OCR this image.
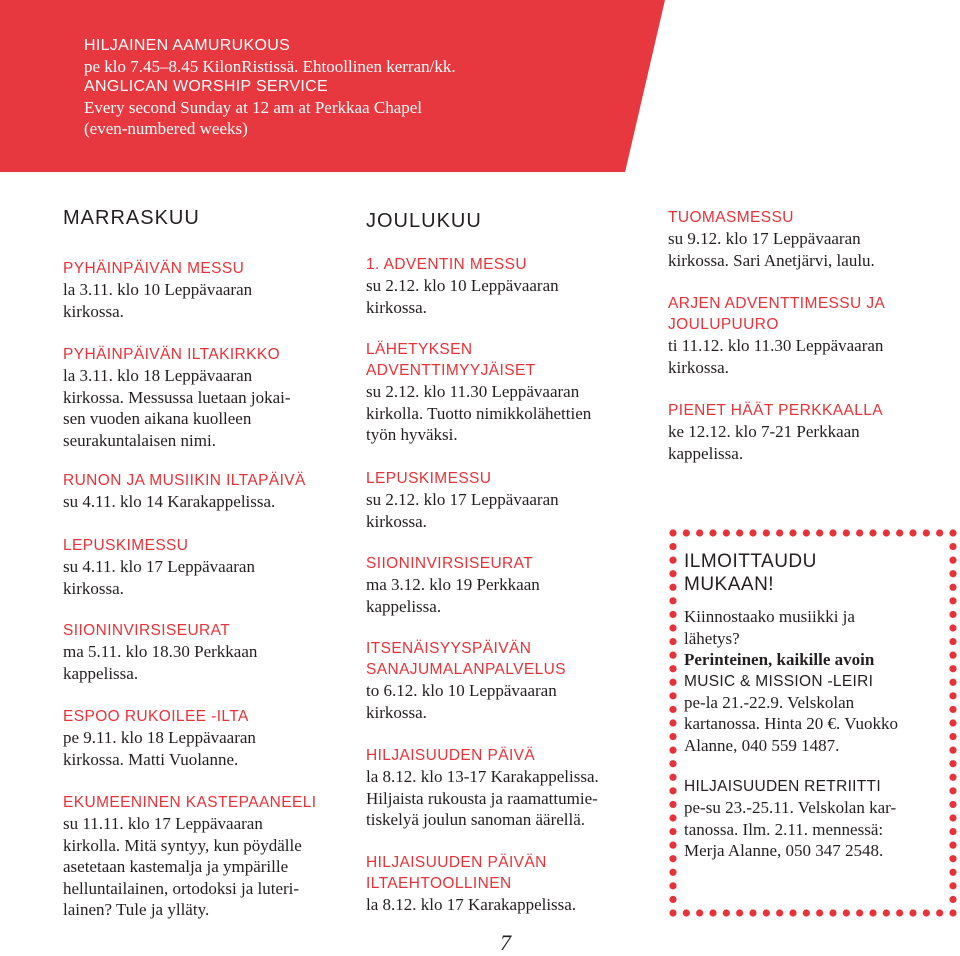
HILJAINEN AAMURUKOUS
pe klo 7.45–8.45 KilonRistissä. Ehtoollinen kerran/kk.
ANGLICAN WORSHIP SERVICE
Every second Sunday at 12 am at Perkkaa Chapel
(even-numbered weeks)
MARRASKUU
PYHÄINPÄIVÄN MESSU
la 3.11. klo 10 Leppävaaran
kirkossa.
PYHÄINPÄIVÄN ILTAKIRKKO
la 3.11. klo 18 Leppävaaran
kirkossa. Messussa luetaan jokai-
sen vuoden aikana kuolleen
seurakuntalaisen nimi.
RUNON JA MUSIIKIN ILTAPÄIVÄ
su 4.11. klo 14 Karakappelissa.
LEPUSKIMESSU
su 4.11. klo 17 Leppävaaran
kirkossa.
SIIONINVIRSISEURAT
ma 5.11. klo 18.30 Perkkaan
kappelissa.
ESPOO RUKOILEE -ILTA
pe 9.11. klo 18 Leppävaaran
kirkossa. Matti Vuolanne.
EKUMEENINEN KASTEPAANEELI
su 11.11. klo 17 Leppävaaran
kirkolla. Mitä syntyy, kun pöydälle
asetetaan kastemalja ja ympärille
helluntailainen, ortodoksi ja luteri-
lainen? Tule ja ylläty.
JOULUKUU
1. ADVENTIN MESSU
su 2.12. klo 10 Leppävaaran
kirkossa.
LÄHETYKSEN
ADVENTTIMYYJÄISET
su 2.12. klo 11.30 Leppävaaran
kirkolla. Tuotto nimikkolähettien
työn hyväksi.
LEPUSKIMESSU
su 2.12. klo 17 Leppävaaran
kirkossa.
SIIONINVIRSISEURAT
ma 3.12. klo 19 Perkkaan
kappelissa.
ITSENÄISYYSPÄIVÄN
SANAJUMALANPALVELUS
to 6.12. klo 10 Leppävaaran
kirkossa.
HILJAISUUDEN PÄIVÄ
la 8.12. klo 13-17 Karakappelissa.
Hiljaista rukousta ja raamattumie-
tiskelyä joulun sanoman äärellä.
HILJAISUUDEN PÄIVÄN
ILTAEHTOOLLINEN
la 8.12. klo 17 Karakappelissa.
TUOMASMESSU
su 9.12. klo 17 Leppävaaran
kirkossa. Sari Anetjärvi, laulu.
ARJEN ADVENTTIMESSU JA
JOULUPUURO
ti 11.12. klo 11.30 Leppävaaran
kirkossa.
PIENET HÄÄT PERKKAALLA
ke 12.12. klo 7-21 Perkkaan
kappelissa.
ILMOITTAUDU
MUKAAN!
Kiinnostaako musiikki ja
lähetys?
Perinteinen, kaikille avoin
MUSIC & MISSION -LEIRI
pe-la 21.-22.9. Velskolan
kartanossa. Hinta 20 €. Vuokko
Alanne, 040 559 1487.
HILJAISUUDEN RETRIITTI
pe-su 23.-25.11. Velskolan kar-
tanossa. Ilm. 2.11. mennessä:
Merja Alanne, 050 347 2548.
7
